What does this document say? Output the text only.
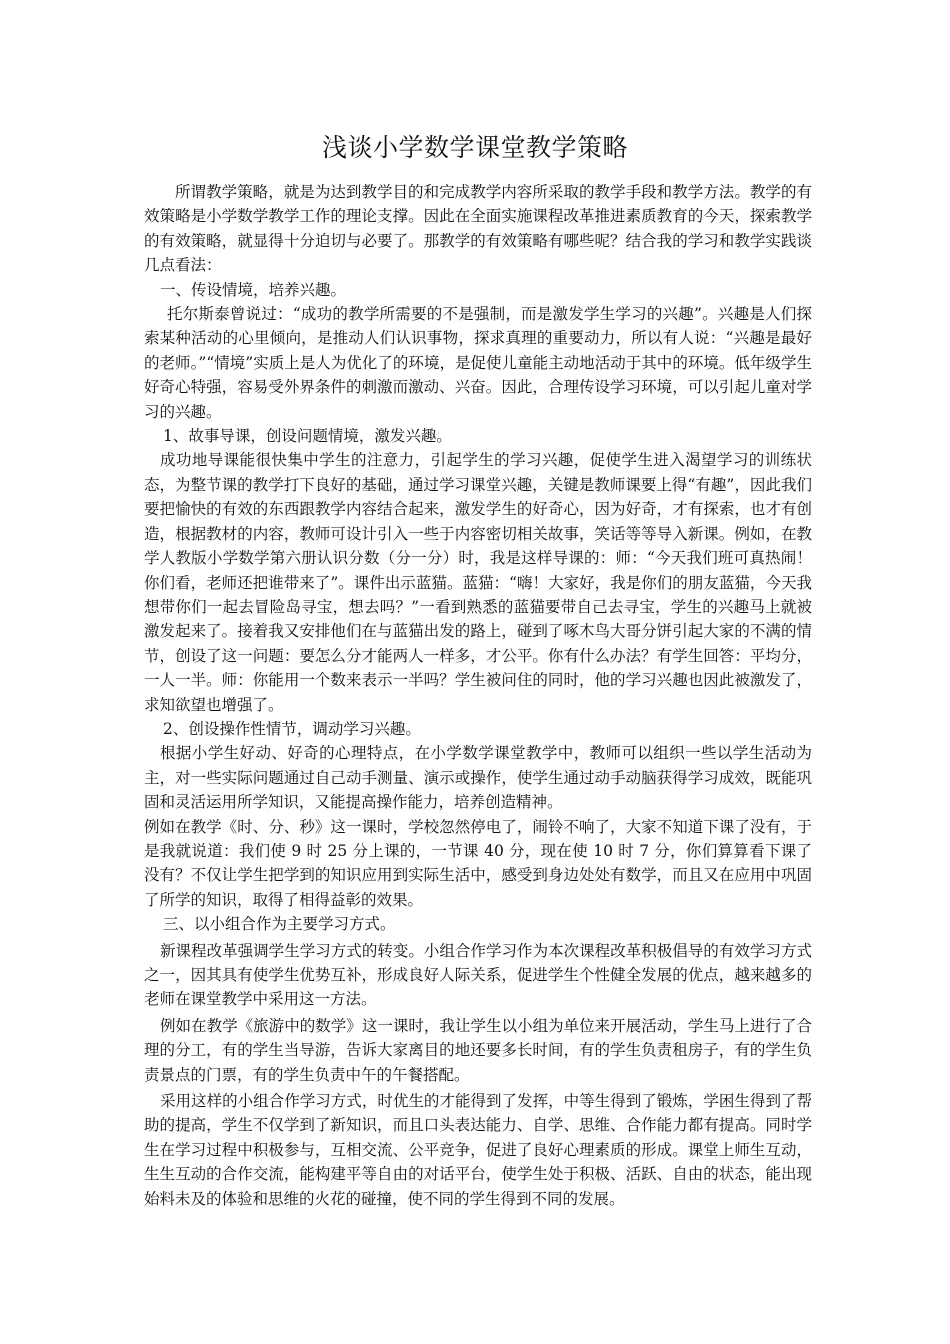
浅谈小学数学课堂教学策略

所谓教学策略，就是为达到教学目的和完成教学内容所采取的教学手段和教学方法。教学的有效策略是小学数学教学工作的理论支撑。因此在全面实施课程改革推进素质教育的今天，探索教学的有效策略，就显得十分迫切与必要了。那教学的有效策略有哪些呢？结合我的学习和教学实践谈几点看法：

一、传设情境，培养兴趣。

托尔斯泰曾说过：“成功的教学所需要的不是强制，而是激发学生学习的兴趣”。兴趣是人们探索某种活动的心里倾向，是推动人们认识事物，探求真理的重要动力，所以有人说：“兴趣是最好的老师。”“情境”实质上是人为优化了的环境，是促使儿童能主动地活动于其中的环境。低年级学生好奇心特强，容易受外界条件的刺激而激动、兴奋。因此，合理传设学习环境，可以引起儿童对学习的兴趣。

1、故事导课，创设问题情境，激发兴趣。

成功地导课能很快集中学生的注意力，引起学生的学习兴趣，促使学生进入渴望学习的训练状态，为整节课的教学打下良好的基础，通过学习课堂兴趣，关键是教师课要上得“有趣”，因此我们要把愉快的有效的东西跟教学内容结合起来，激发学生的好奇心，因为好奇，才有探索，也才有创造，根据教材的内容，教师可设计引入一些于内容密切相关故事，笑话等等导入新课。例如，在教学人教版小学数学第六册认识分数（分一分）时，我是这样导课的：师：“今天我们班可真热闹！你们看，老师还把谁带来了”。课件出示蓝猫。蓝猫：“嗨！大家好，我是你们的朋友蓝猫，今天我想带你们一起去冒险岛寻宝，想去吗？”一看到熟悉的蓝猫要带自己去寻宝，学生的兴趣马上就被激发起来了。接着我又安排他们在与蓝猫出发的路上，碰到了啄木鸟大哥分饼引起大家的不满的情节，创设了这一问题：要怎么分才能两人一样多，才公平。你有什么办法？有学生回答：平均分，一人一半。师：你能用一个数来表示一半吗？学生被问住的同时，他的学习兴趣也因此被激发了，求知欲望也增强了。

2、创设操作性情节，调动学习兴趣。

根据小学生好动、好奇的心理特点，在小学数学课堂教学中，教师可以组织一些以学生活动为主，对一些实际问题通过自己动手测量、演示或操作，使学生通过动手动脑获得学习成效，既能巩固和灵活运用所学知识，又能提高操作能力，培养创造精神。

例如在教学《时、分、秒》这一课时，学校忽然停电了，闹铃不响了，大家不知道下课了没有，于是我就说道：我们使 9 时 25 分上课的，一节课 40 分，现在使 10 时 7 分，你们算算看下课了没有？不仅让学生把学到的知识应用到实际生活中，感受到身边处处有数学，而且又在应用中巩固了所学的知识，取得了相得益彰的效果。

三、以小组合作为主要学习方式。

新课程改革强调学生学习方式的转变。小组合作学习作为本次课程改革积极倡导的有效学习方式之一，因其具有使学生优势互补，形成良好人际关系，促进学生个性健全发展的优点，越来越多的老师在课堂教学中采用这一方法。

例如在教学《旅游中的数学》这一课时，我让学生以小组为单位来开展活动，学生马上进行了合理的分工，有的学生当导游，告诉大家离目的地还要多长时间，有的学生负责租房子，有的学生负责景点的门票，有的学生负责中午的午餐搭配。

采用这样的小组合作学习方式，时优生的才能得到了发挥，中等生得到了锻炼，学困生得到了帮助的提高，学生不仅学到了新知识，而且口头表达能力、自学、思维、合作能力都有提高。同时学生在学习过程中积极参与，互相交流、公平竞争，促进了良好心理素质的形成。课堂上师生互动，生生互动的合作交流，能构建平等自由的对话平台，使学生处于积极、活跃、自由的状态，能出现始料未及的体验和思维的火花的碰撞，使不同的学生得到不同的发展。
